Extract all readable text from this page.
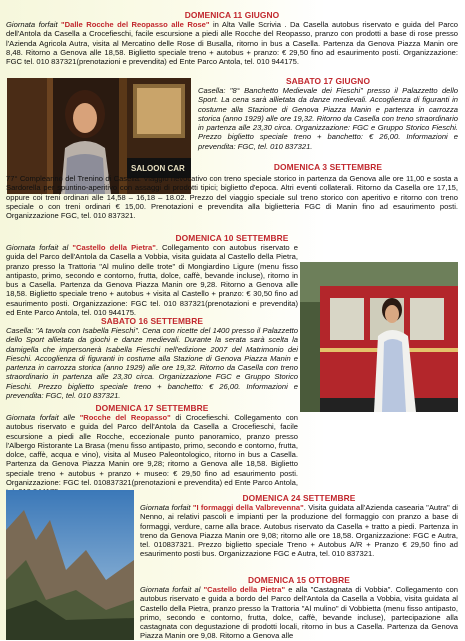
DOMENICA 11 GIUGNO
Giornata forfait "Dalle Rocche del Reopasso alle Rose" in Alta Valle Scrivia . Da Casella autobus riservato e guida del Parco dell'Antola da Casella a Crocefieschi, facile escursione a piedi alle Rocche del Reopasso, pranzo con prodotti a base di rose presso l'Azienda Agricola Autra, visita al Mercatino delle Rose di Busalla, ritorno in bus a Casella. Partenza da Genova Piazza Manin ore 8,48. Ritorno a Genova alle 18,58. Biglietto speciale treno + autobus + pranzo: € 29,50 fino ad esaurimento posti. Organizzazione: FGC tel. 010 837321(prenotazioni e prevendita) ed Ente Parco Antola, tel. 010 944175.
SALOON CAR
SABATO 17 GIUGNO
Casella: "8° Banchetto Medievale dei Fieschi" presso il Palazzetto dello Sport. La cena sarà allietata da danze medievali. Accoglienza di figuranti in costume alla Stazione di Genova Piazza Manin e partenza in carrozza storica (anno 1929) alle ore 19,32. Ritorno da Casella con treno straordinario in partenza alle 23,30 circa. Organizzazione: FGC e Gruppo Storico Fieschi. Prezzo biglietto speciale treno + banchetto: € 26,00. Informazioni e prevendita: FGC, tel. 010 837321.
DOMENICA 3 SETTEMBRE
77° Compleanno del Trenino di Casella. Viaggio rievocativo con treno speciale storico in partenza da Genova alle ore 11,00 e sosta a Sardorella per spuntino-aperitivo con assaggi di prodotti tipici; biglietto d'epoca. Altri eventi collaterali. Ritorno da Casella ore 17,15, oppure coi treni ordinari alle 14,58 – 16,18 – 18.02. Prezzo del viaggio speciale sul treno storico con aperitivo e ritorno con treno speciale o con treni ordinari € 15,00. Prenotazioni e prevendita alla biglietteria FGC di Manin fino ad esaurimento posti. Organizzazione FGC, tel. 010 837321.
DOMENICA 10 SETTEMBRE
Giornata forfait al "Castello della Pietra". Collegamento con autobus riservato e guida del Parco dell'Antola da Casella a Vobbia, visita guidata al Castello della Pietra, pranzo presso la Trattoria "Al mulino delle trote" di Mongiardino Ligure (menu fisso antipasto, primo, secondo e contorno, frutta, dolce, caffè, bevande incluse), ritorno in bus a Casella. Partenza da Genova Piazza Manin ore 9,28. Ritorno a Genova alle 18,58. Biglietto speciale treno + autobus + visita al Castello + pranzo: € 30,50 fino ad esaurimento posti. Organizzazione: FGC tel. 010 837321(prenotazioni e prevendita) ed Ente Parco Antola, tel. 010 944175.
SABATO 16 SETTEMBRE
Casella: "A tavola con Isabella Fieschi". Cena con ricette del 1400 presso il Palazzetto dello Sport allietata da giochi e danze medievali. Durante la serata sarà scelta la damigella che impersonerà Isabella Fieschi nell'edizione 2007 del Matrimonio dei Fieschi. Accoglienza di figuranti in costume alla Stazione di Genova Piazza Manin e partenza in carrozza storica (anno 1929) alle ore 19,32. Ritorno da Casella con treno straordinario in partenza alle 23,30 circa. Organizzazione FGC e Gruppo Storico Fieschi. Prezzo biglietto speciale treno + banchetto: € 26,00. Informazioni e prevendita: FGC, tel. 010 837321.
DOMENICA 17 SETTEMBRE
Giornata forfait alle "Rocche del Reopasso" di Crocefieschi. Collegamento con autobus riservato e guida del Parco dell'Antola da Casella a Crocefieschi, facile escursione a piedi alle Rocche, eccezionale punto panoramico, pranzo presso l'Albergo Ristorante La Brasa (menu fisso antipasto, primo, secondo e contorno, frutta, dolce, caffè, acqua e vino), visita al Museo Paleontologico, ritorno in bus a Casella. Partenza da Genova Piazza Manin ore 9,28; ritorno a Genova alle 18,58. Biglietto speciale treno + autobus + pranzo + museo: € 29,50 fino ad esaurimento posti. Organizzazione: FGC tel. 010837321(prenotazioni e prevendita) ed Ente Parco Antola,
DOMENICA 24 SETTEMBRE
Giornata forfait "I formaggi della Valbrevenna". Visita guidata all'Azienda casearia "Autra" di Nenno, ai relativi pascoli e impianti per la produzione del formaggio con pranzo a base di formaggi, verdure, carne alla brace. Autobus riservato da Casella + tratto a piedi. Partenza in treno da Genova Piazza Manin ore 9,08; ritorno alle ore 18,58. Organizzazione: FGC e Autra, tel. 010837321. Prezzo biglietto speciale Treno + Autobus A/R + Pranzo € 29,50 fino ad esaurimento posti bus. Organizzazione FGC e Autra, tel. 010 837321.
DOMENICA 15 OTTOBRE
Giornata forfait al "Castello della Pietra" e alla "Castagnata di Vobbia". Collegamento con autobus riservato e guida a bordo del Parco dell'Antola da Casella a Vobbia, visita guidata al Castello della Pietra, pranzo presso la Trattoria "Al mulino" di Vobbietta (menu fisso antipasto, primo, secondo e contorno, frutta, dolce, caffè, bevande incluse), partecipazione alla castagnata con degustazione di prodotti locali, ritorno in bus a Casella. Partenza da Genova Piazza Manin ore 9,08. Ritorno a Genova alle
